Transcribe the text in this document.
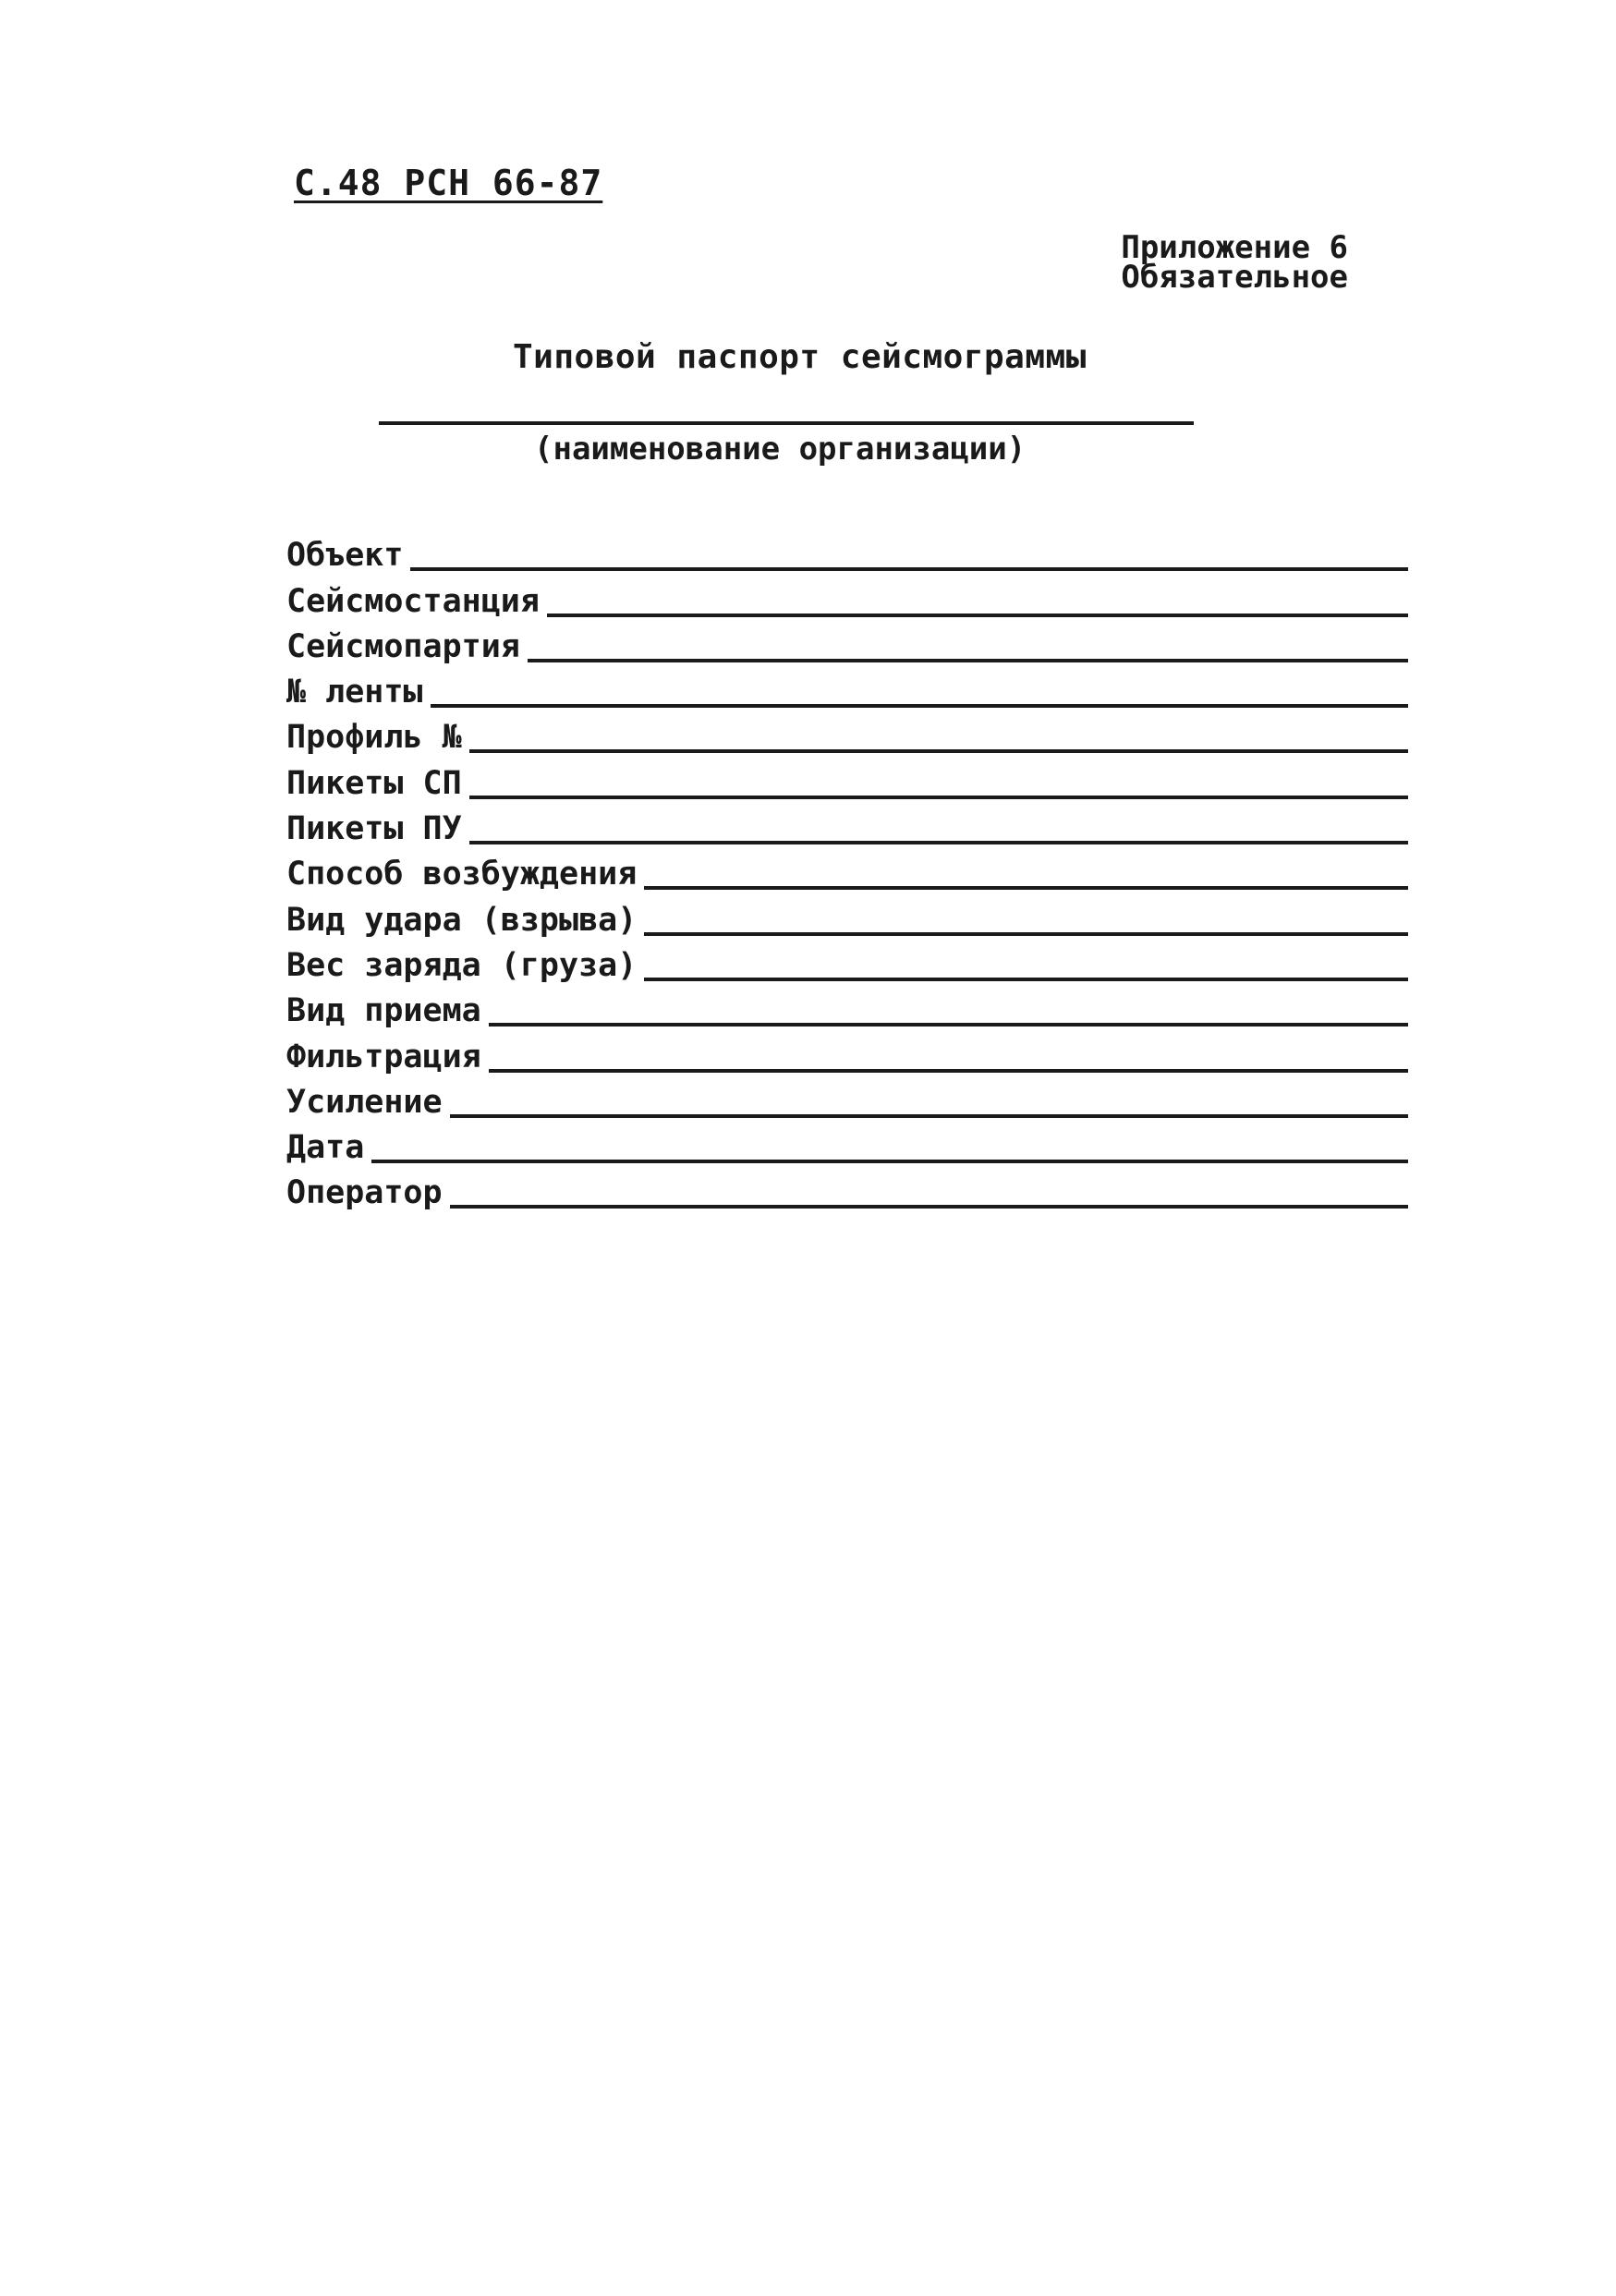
С.48 РСН 66-87
Приложение 6
Обязательное
Типовой паспорт сейсмограммы
(наименование организации)
Объект
Сейсмостанция
Сейсмопартия
№ ленты
Профиль №
Пикеты СП
Пикеты ПУ
Способ возбуждения
Вид удара (взрыва)
Вес заряда (груза)
Вид приема
Фильтрация
Усиление
Дата
Оператор
